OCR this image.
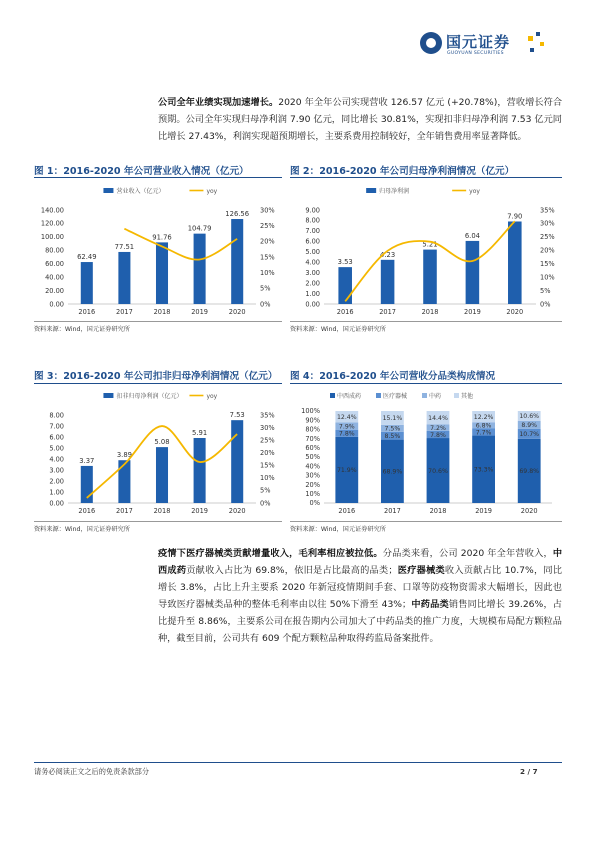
国元证券
GUOYUAN SECURITIES
公司全年业绩实现加速增长。2020 年全年公司实现营收 126.57 亿元 (+20.78%)，营收增长符合预期。公司全年实现归母净利润 7.90 亿元，同比增长 30.81%，实现扣非归母净利润 7.53 亿元同比增长 27.43%，利润实现超预期增长，主要系费用控制较好，全年销售费用率显著降低。
图 1：2016-2020 年公司营业收入情况（亿元）
营业收入（亿元）	yoy
140.00
120.00
100.00
80.00
60.00
40.00
20.00
0.00
30%
25%
20%
15%
10%
5%
0%
62.49
2016
77.51
2017
91.76
2018
104.79
2019
126.56
2020
资料来源：Wind，国元证券研究所
图 2：2016-2020 年公司归母净利润情况（亿元）
归母净利润	yoy
9.00
8.00
7.00
6.00
5.00
4.00
3.00
2.00
1.00
0.00
35%
30%
25%
20%
15%
10%
5%
0%
3.53
2016
4.23
2017
5.21
2018
6.04
2019
7.90
2020
资料来源：Wind，国元证券研究所
图 3：2016-2020 年公司扣非归母净利润情况（亿元）
扣非归母净利润（亿元）	yoy
8.00
7.00
6.00
5.00
4.00
3.00
2.00
1.00
0.00
35%
30%
25%
20%
15%
10%
5%
0%
3.37
2016
3.89
2017
5.08
2018
5.91
2019
7.53
2020
资料来源：Wind，国元证券研究所
图 4：2016-2020 年公司营收分品类构成情况
中西成药	医疗器械	中药	其他
100%
90%
80%
70%
60%
50%
40%
30%
20%
10%
0%
71.9%
7.8%
7.9%
12.4%
2016
68.9%
8.5%
7.5%
15.1%
2017
70.6%
7.8%
7.2%
14.4%
2018
73.3%
7.7%
6.8%
12.2%
2019
69.8%
10.7%
8.9%
10.6%
2020
资料来源：Wind，国元证券研究所
疫情下医疗器械类贡献增量收入，毛利率相应被拉低。分品类来看，公司 2020 年全年营收入，中西成药贡献收入占比为 69.8%，依旧是占比最高的品类；医疗器械类收入贡献占比 10.7%，同比增长 3.8%，占比上升主要系 2020 年新冠疫情期间手套、口罩等防疫物资需求大幅增长，因此也导致医疗器械类品种的整体毛利率由以往 50%下滑至 43%；中药品类销售同比增长 39.26%，占比提升至 8.86%，主要系公司在报告期内公司加大了中药品类的推广力度，大规模布局配方颗粒品种，截至目前，公司共有 609 个配方颗粒品种取得药监局备案批件。
请务必阅读正文之后的免责条款部分	2 / 7
